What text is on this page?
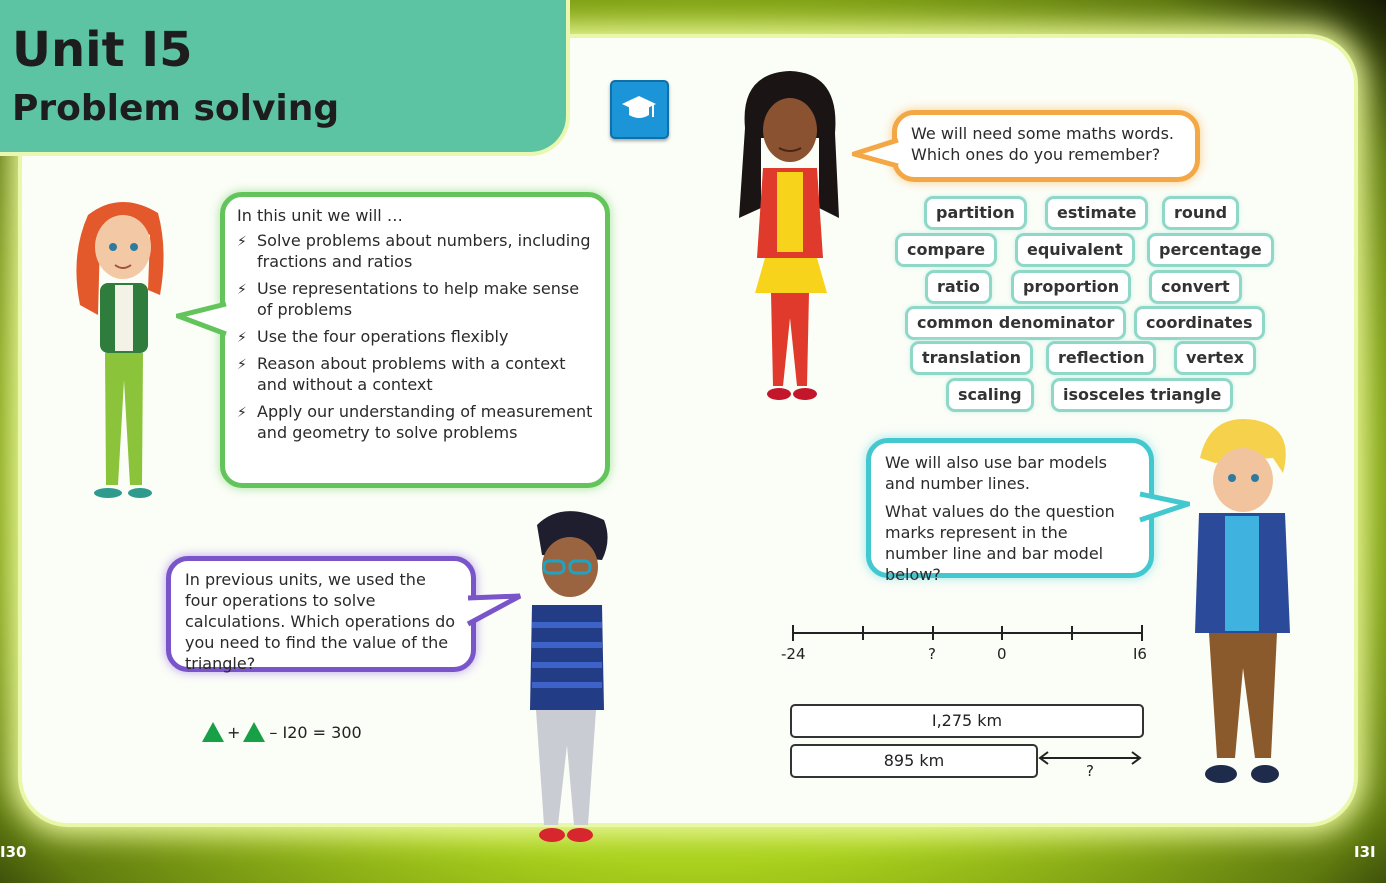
Unit I5
Problem solving
In this unit we will …
⚡ Solve problems about numbers, including fractions and ratios
⚡ Use representations to help make sense of problems
⚡ Use the four operations flexibly
⚡ Reason about problems with a context and without a context
⚡ Apply our understanding of measurement and geometry to solve problems
In previous units, we used the four operations to solve calculations. Which operations do you need to find the value of the triangle?
+ – I20 = 300
We will need some maths words. Which ones do you remember?
partition	estimate	round
compare	equivalent	percentage
ratio	proportion	convert
common denominator	coordinates
translation	reflection	vertex
scaling	isosceles triangle
We will also use bar models and number lines.
What values do the question marks represent in the number line and bar model below?
-24	?	0	I6
I,275 km
895 km
?
I30	I3I
